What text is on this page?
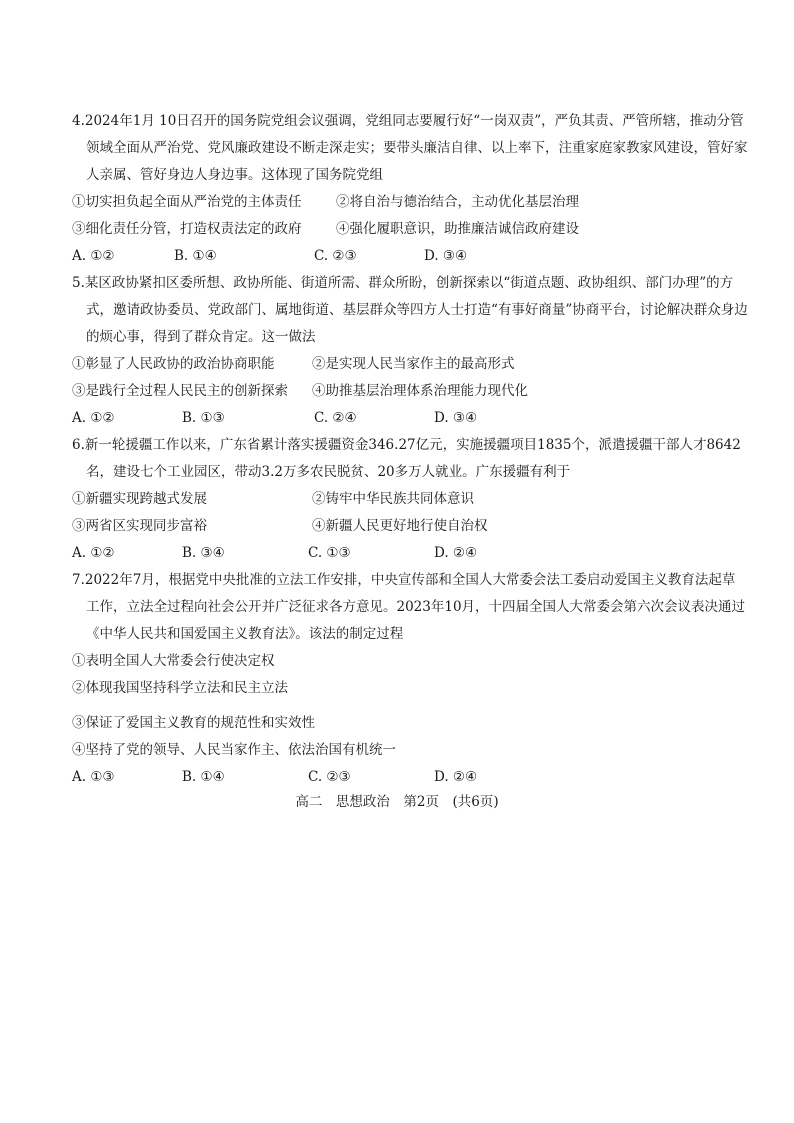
4.2024年1月 10日召开的国务院党组会议强调，党组同志要履行好“一岗双责”，严负其责、严管所辖，推动分管领域全面从严治党、党风廉政建设不断走深走实；要带头廉洁自律、以上率下，注重家庭家教家风建设，管好家人亲属、管好身边人身边事。这体现了国务院党组

①切实担负起全面从严治党的主体责任	②将自治与德治结合，主动优化基层治理

③细化责任分管，打造权责法定的政府	④强化履职意识，助推廉洁诚信政府建设

A. ①②	B. ①④	C. ②③	D. ③④

5.某区政协紧扣区委所想、政协所能、街道所需、群众所盼，创新探索以“街道点题、政协组织、部门办理”的方式，邀请政协委员、党政部门、属地街道、基层群众等四方人士打造“有事好商量”协商平台，讨论解决群众身边的烦心事，得到了群众肯定。这一做法

①彰显了人民政协的政治协商职能	②是实现人民当家作主的最高形式

③是践行全过程人民民主的创新探索 ④助推基层治理体系治理能力现代化

A. ①②	B. ①③	C. ②④	D. ③④

6.新一轮援疆工作以来，广东省累计落实援疆资金346.27亿元，实施援疆项目1835个，派遣援疆干部人才8642名，建设七个工业园区，带动3.2万多农民脱贫、20多万人就业。广东援疆有利于

①新疆实现跨越式发展	②铸牢中华民族共同体意识

③两省区实现同步富裕	④新疆人民更好地行使自治权

A. ①②	B. ③④	C. ①③	D. ②④

7.2022年7月，根据党中央批准的立法工作安排，中央宣传部和全国人大常委会法工委启动爱国主义教育法起草工作，立法全过程向社会公开并广泛征求各方意见。2023年10月，十四届全国人大常委会第六次会议表决通过《中华人民共和国爱国主义教育法》。该法的制定过程

①表明全国人大常委会行使决定权

②体现我国坚持科学立法和民主立法

③保证了爱国主义教育的规范性和实效性

④坚持了党的领导、人民当家作主、依法治国有机统一

A. ①③	B. ①④	C. ②③	D. ②④

高二　思想政治　第2页　(共6页)
